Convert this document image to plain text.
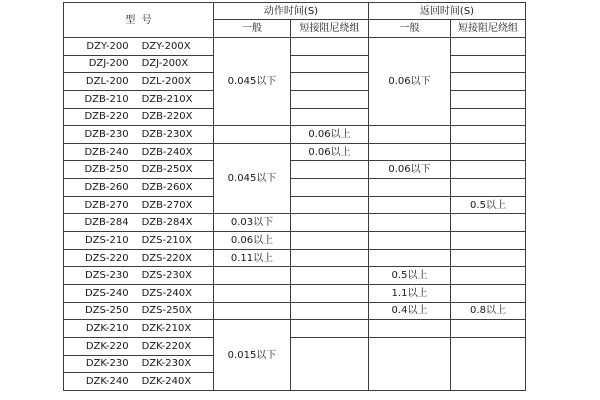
型  号	动作时间(S)		返回时间(S)	
	一般	短接阻尼绕组	一般	短接阻尼绕组
DZY-200 DZY-200X	0.045以下		0.06以下	
DZJ-200 DZJ-200X				
DZL-200 DZL-200X				
DZB-210 DZB-210X				
DZB-220 DZB-220X				
DZB-230 DZB-230X		0.06以上		
DZB-240 DZB-240X	0.045以下	0.06以上		
DZB-250 DZB-250X			0.06以下	
DZB-260 DZB-260X				
DZB-270 DZB-270X				0.5以上
DZB-284 DZB-284X	0.03以下			
DZS-210 DZS-210X	0.06以上			
DZS-220 DZS-220X	0.11以上			
DZS-230 DZS-230X			0.5以上	
DZS-240 DZS-240X			1.1以上	
DZS-250 DZS-250X			0.4以上	0.8以上
DZK-210 DZK-210X	0.015以下			
DZK-220 DZK-220X				
DZK-230 DZK-230X				
DZK-240 DZK-240X				
